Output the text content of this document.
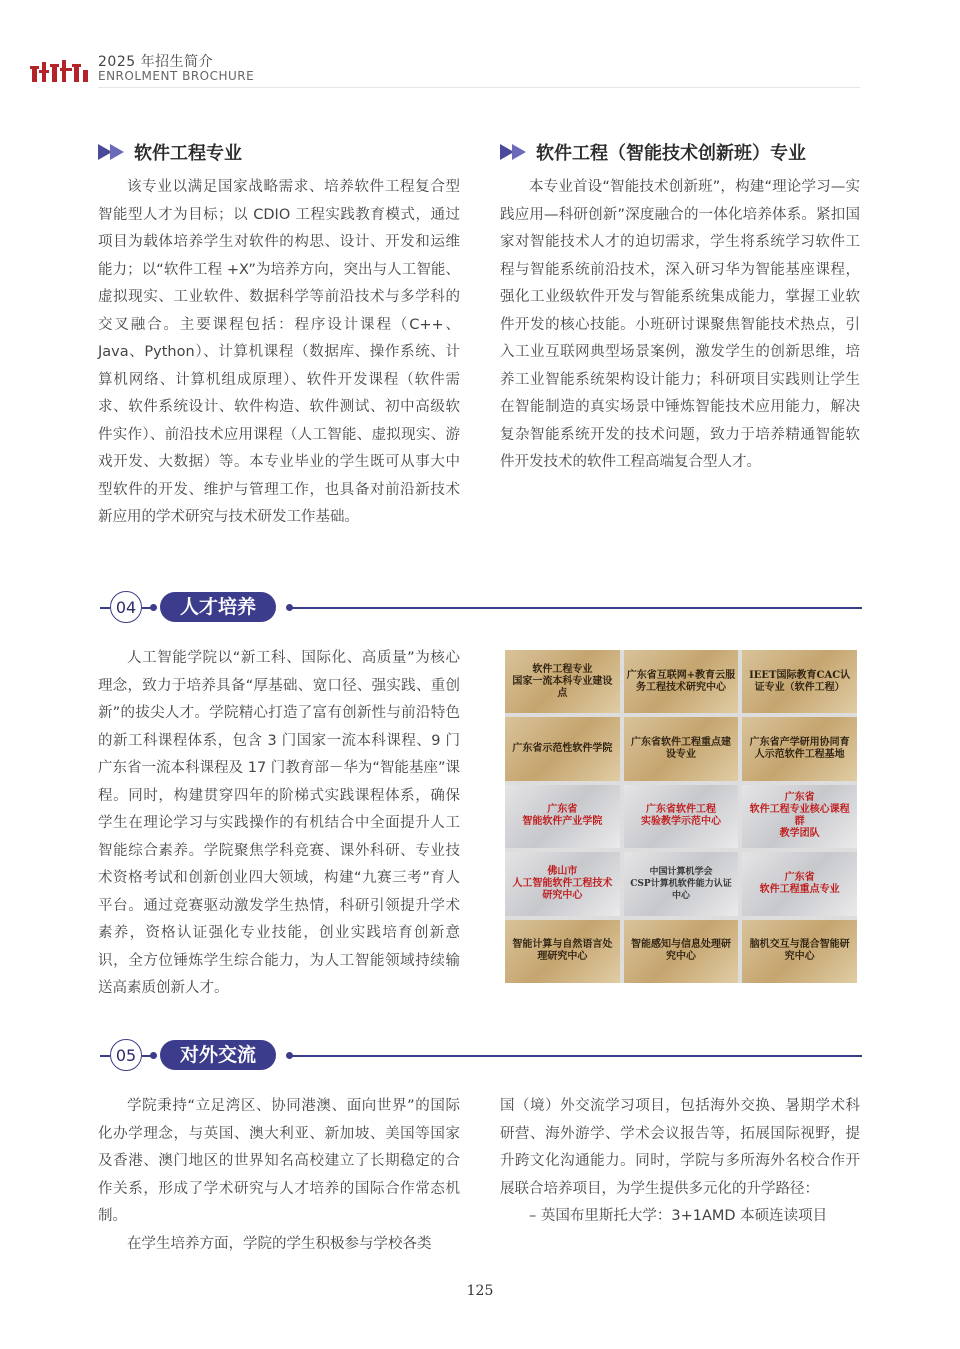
2025 年招生简介
ENROLMENT BROCHURE
软件工程专业

该专业以满足国家战略需求、培养软件工程复合型智能型人才为目标；以 CDIO 工程实践教育模式，通过项目为载体培养学生对软件的构思、设计、开发和运维能力；以“软件工程 +X”为培养方向，突出与人工智能、虚拟现实、工业软件、数据科学等前沿技术与多学科的交叉融合。主要课程包括：程序设计课程（C++、Java、Python）、计算机课程（数据库、操作系统、计算机网络、计算机组成原理）、软件开发课程（软件需求、软件系统设计、软件构造、软件测试、初中高级软件实作）、前沿技术应用课程（人工智能、虚拟现实、游戏开发、大数据）等。本专业毕业的学生既可从事大中型软件的开发、维护与管理工作，也具备对前沿新技术新应用的学术研究与技术研发工作基础。

软件工程（智能技术创新班）专业

本专业首设“智能技术创新班”，构建“理论学习—实践应用—科研创新”深度融合的一体化培养体系。紧扣国家对智能技术人才的迫切需求，学生将系统学习软件工程与智能系统前沿技术，深入研习华为智能基座课程，强化工业级软件开发与智能系统集成能力，掌握工业软件开发的核心技能。小班研讨课聚焦智能技术热点，引入工业互联网典型场景案例，激发学生的创新思维，培养工业智能系统架构设计能力；科研项目实践则让学生在智能制造的真实场景中锤炼智能技术应用能力，解决复杂智能系统开发的技术问题，致力于培养精通智能软件开发技术的软件工程高端复合型人才。

04	人才培养

人工智能学院以“新工科、国际化、高质量”为核心理念，致力于培养具备“厚基础、宽口径、强实践、重创新”的拔尖人才。学院精心打造了富有创新性与前沿特色的新工科课程体系，包含 3 门国家一流本科课程、9 门广东省一流本科课程及 17 门教育部－华为“智能基座”课程。同时，构建贯穿四年的阶梯式实践课程体系，确保学生在理论学习与实践操作的有机结合中全面提升人工智能综合素养。学院聚焦学科竞赛、课外科研、专业技术资格考试和创新创业四大领域，构建“九赛三考”育人平台。通过竞赛驱动激发学生热情，科研引领提升学术素养，资格认证强化专业技能，创业实践培育创新意识，全方位锤炼学生综合能力，为人工智能领域持续输送高素质创新人才。

软件工程专业
国家一流本科专业建设点
广东省互联网+教育云服务工程技术研究中心
IEET国际教育CAC认证专业（软件工程）
广东省示范性软件学院
广东省软件工程重点建设专业
广东省产学研用协同育人示范软件工程基地
广东省
智能软件产业学院
广东省软件工程
实验教学示范中心
广东省
软件工程专业核心课程群
教学团队
佛山市
人工智能软件工程技术
研究中心
中国计算机学会
CSP计算机软件能力认证中心
广东省
软件工程重点专业
智能计算与自然语言处理研究中心
智能感知与信息处理研究中心
脑机交互与混合智能研究中心
05	对外交流

学院秉持“立足湾区、协同港澳、面向世界”的国际化办学理念，与英国、澳大利亚、新加坡、美国等国家及香港、澳门地区的世界知名高校建立了长期稳定的合作关系，形成了学术研究与人才培养的国际合作常态机制。

在学生培养方面，学院的学生积极参与学校各类

国（境）外交流学习项目，包括海外交换、暑期学术科研营、海外游学、学术会议报告等，拓展国际视野，提升跨文化沟通能力。同时，学院与多所海外名校合作开展联合培养项目，为学生提供多元化的升学路径：

– 英国布里斯托大学：3+1AMD 本硕连读项目

125
